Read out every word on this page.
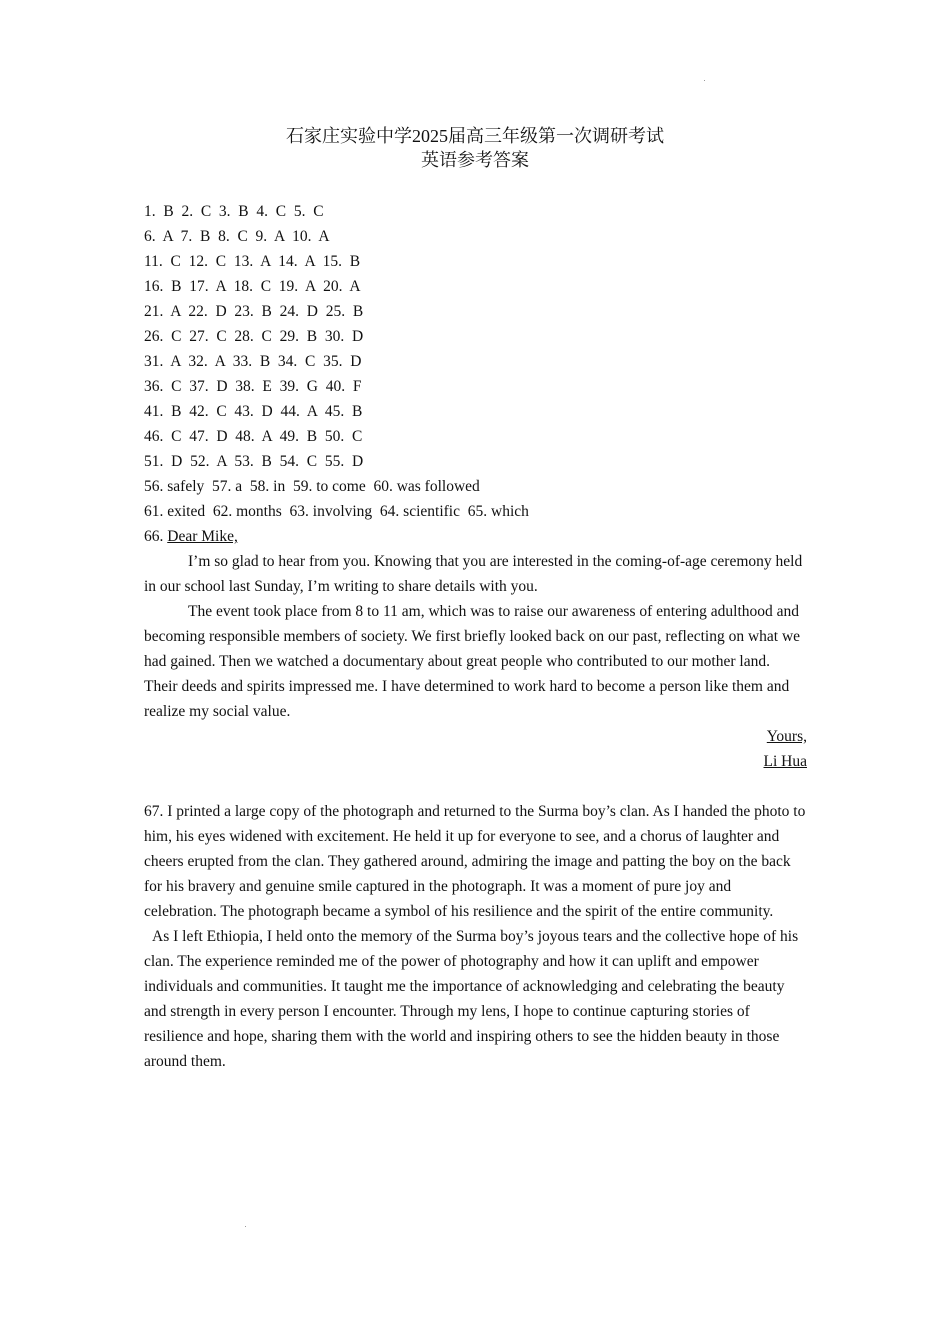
石家庄实验中学2025届高三年级第一次调研考试
英语参考答案
1.  B  2.  C  3.  B  4.  C  5.  C
6.  A  7.  B  8.  C  9.  A  10.  A
11.  C  12.  C  13.  A  14.  A  15.  B
16.  B  17.  A  18.  C  19.  A  20.  A
21.  A  22.  D  23.  B  24.  D  25.  B
26.  C  27.  C  28.  C  29.  B  30.  D
31.  A  32.  A  33.  B  34.  C  35.  D
36.  C  37.  D  38.  E  39.  G  40.  F
41.  B  42.  C  43.  D  44.  A  45.  B
46.  C  47.  D  48.  A  49.  B  50.  C
51.  D  52.  A  53.  B  54.  C  55.  D
56. safely  57. a  58. in  59. to come  60. was followed
61. exited  62. months  63. involving  64. scientific  65. which
66. Dear Mike,
I’m so glad to hear from you. Knowing that you are interested in the coming-of-age ceremony held in our school last Sunday, I’m writing to share details with you.
The event took place from 8 to 11 am, which was to raise our awareness of entering adulthood and becoming responsible members of society. We first briefly looked back on our past, reflecting on what we had gained. Then we watched a documentary about great people who contributed to our mother land. Their deeds and spirits impressed me. I have determined to work hard to become a person like them and realize my social value.
Yours,
Li Hua
67. I printed a large copy of the photograph and returned to the Surma boy’s clan. As I handed the photo to him, his eyes widened with excitement. He held it up for everyone to see, and a chorus of laughter and cheers erupted from the clan. They gathered around, admiring the image and patting the boy on the back for his bravery and genuine smile captured in the photograph. It was a moment of pure joy and celebration. The photograph became a symbol of his resilience and the spirit of the entire community.
As I left Ethiopia, I held onto the memory of the Surma boy’s joyous tears and the collective hope of his clan. The experience reminded me of the power of photography and how it can uplift and empower individuals and communities. It taught me the importance of acknowledging and celebrating the beauty and strength in every person I encounter. Through my lens, I hope to continue capturing stories of resilience and hope, sharing them with the world and inspiring others to see the hidden beauty in those around them.
